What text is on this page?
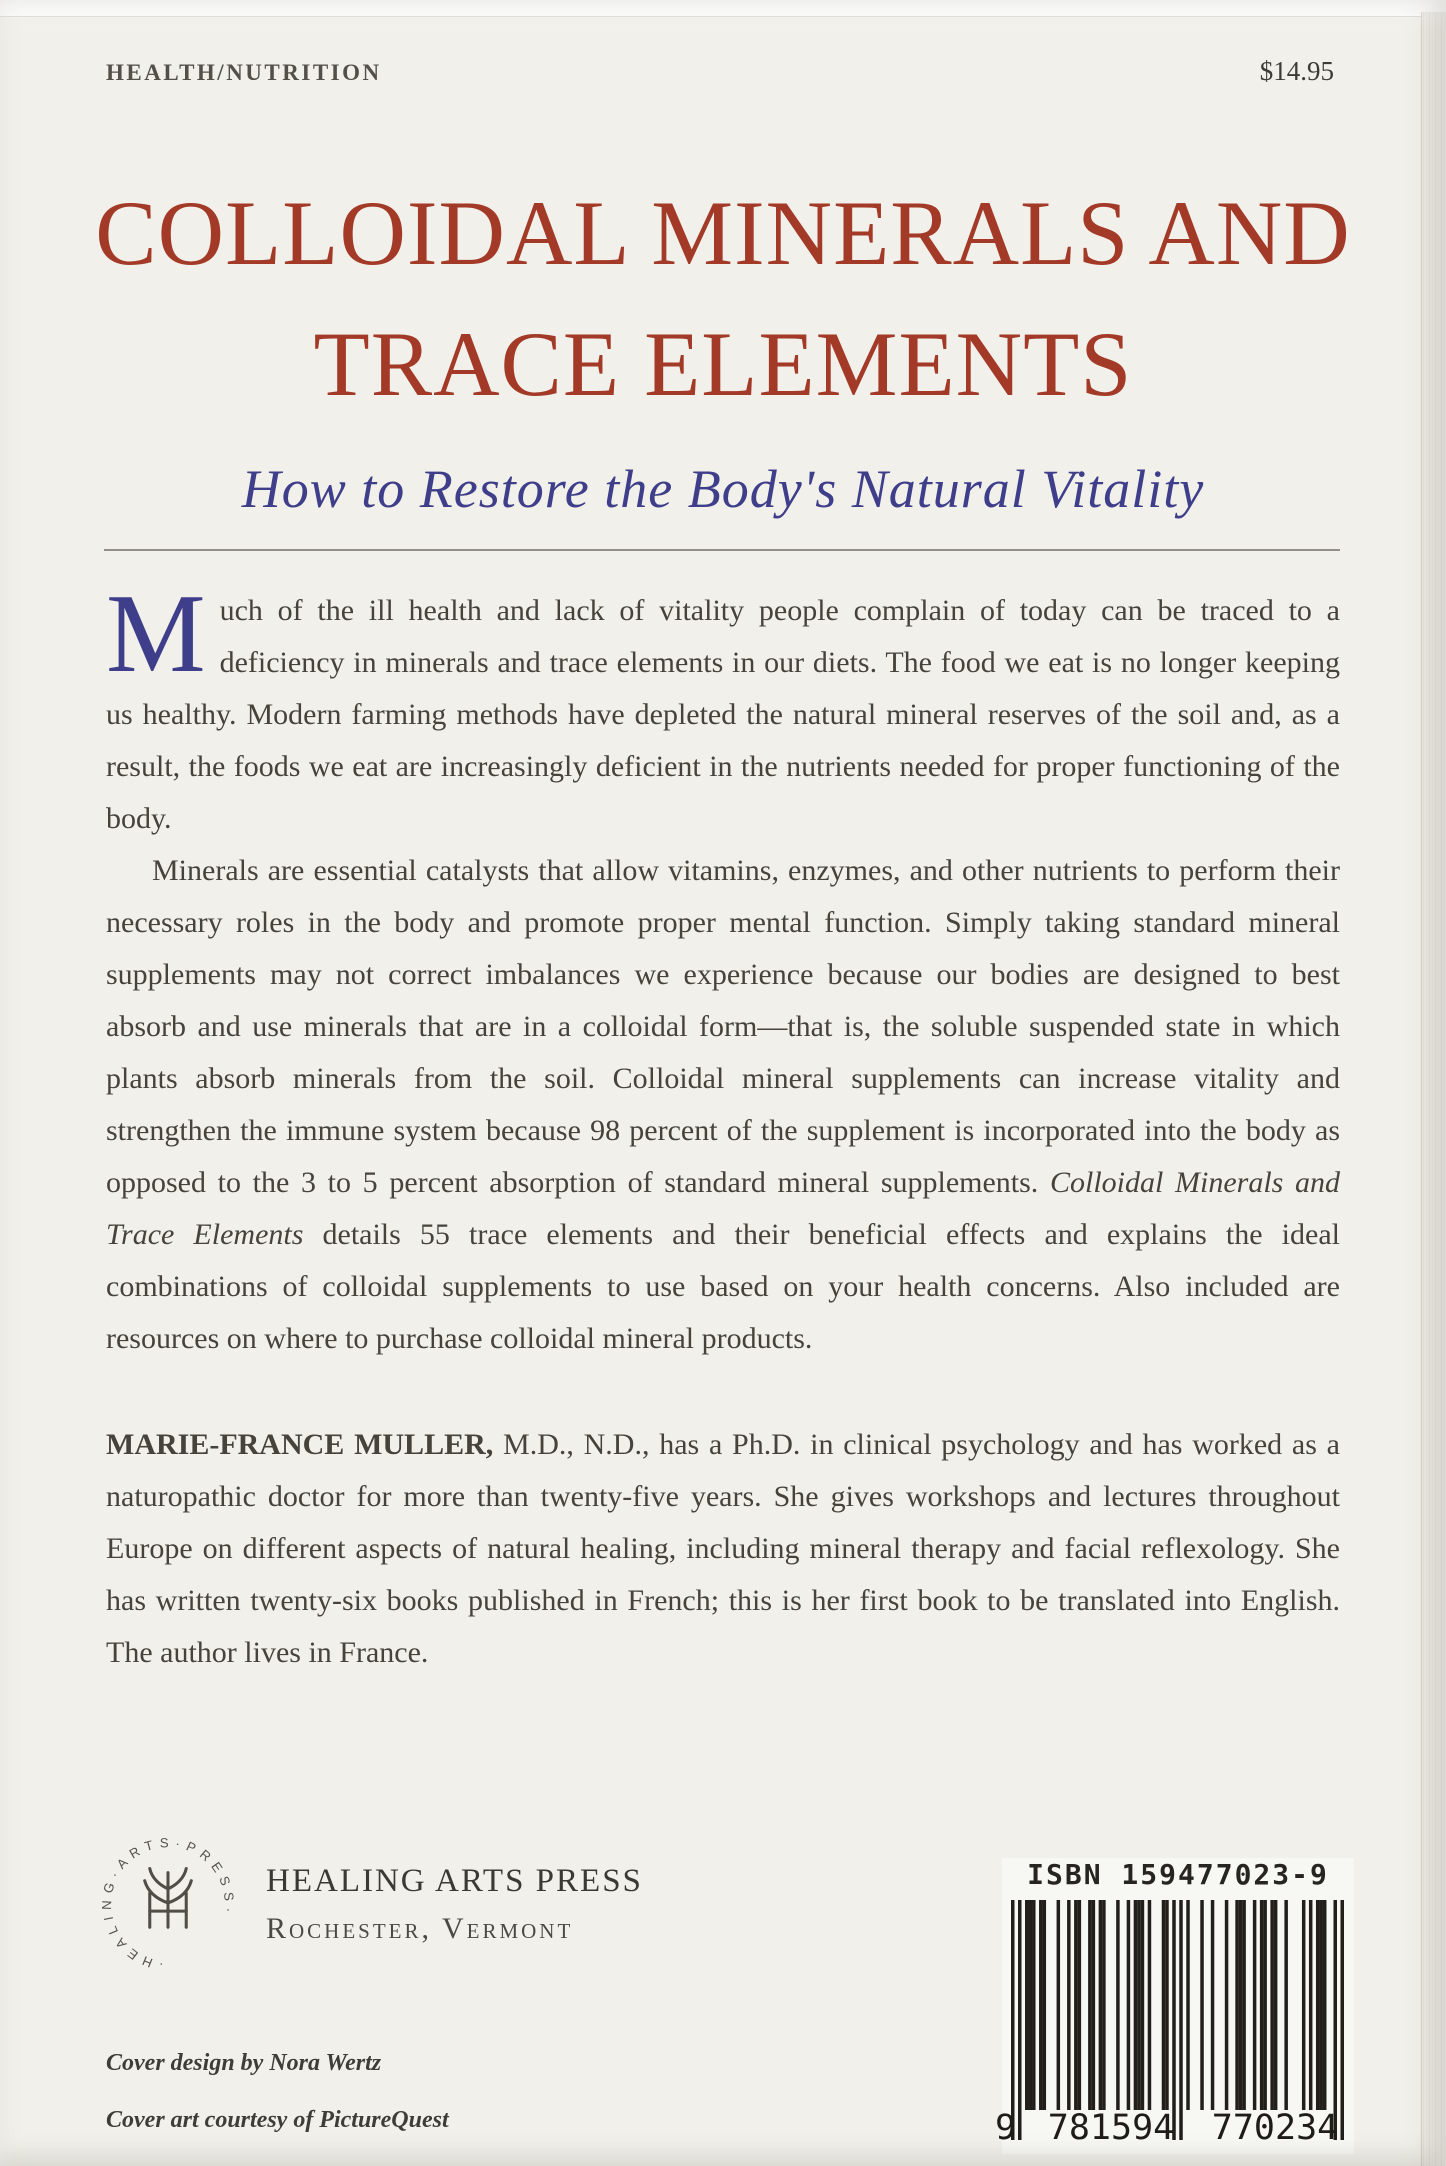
HEALTH/NUTRITION	$14.95
COLLOIDAL MINERALS AND
TRACE ELEMENTS
How to Restore the Body's Natural Vitality

Much of the ill health and lack of vitality people complain of today can be traced to a deficiency in minerals and trace elements in our diets. The food we eat is no longer keeping us healthy. Modern farming methods have depleted the natural mineral reserves of the soil and, as a result, the foods we eat are increasingly deficient in the nutrients needed for proper functioning of the body.

Minerals are essential catalysts that allow vitamins, enzymes, and other nutrients to perform their necessary roles in the body and promote proper mental function. Simply taking standard mineral supplements may not correct imbalances we experience because our bodies are designed to best absorb and use minerals that are in a colloidal form—that is, the soluble suspended state in which plants absorb minerals from the soil. Colloidal mineral supplements can increase vitality and strengthen the immune system because 98 percent of the supplement is incorporated into the body as opposed to the 3 to 5 percent absorption of standard mineral supplements. Colloidal Minerals and Trace Elements details 55 trace elements and their beneficial effects and explains the ideal combinations of colloidal supplements to use based on your health concerns. Also included are resources on where to purchase colloidal mineral products.

MARIE-FRANCE MULLER, M.D., N.D., has a Ph.D. in clinical psychology and has worked as a naturopathic doctor for more than twenty-five years. She gives workshops and lectures throughout Europe on different aspects of natural healing, including mineral therapy and facial reflexology. She has written twenty-six books published in French; this is her first book to be translated into English. The author lives in France.

·HEALING·ARTS·PRESS·
HEALING ARTS PRESS
Rochester, Vermont
Cover design by Nora Wertz
Cover art courtesy of PictureQuest
ISBN 159477023-9
9 781594	770234
